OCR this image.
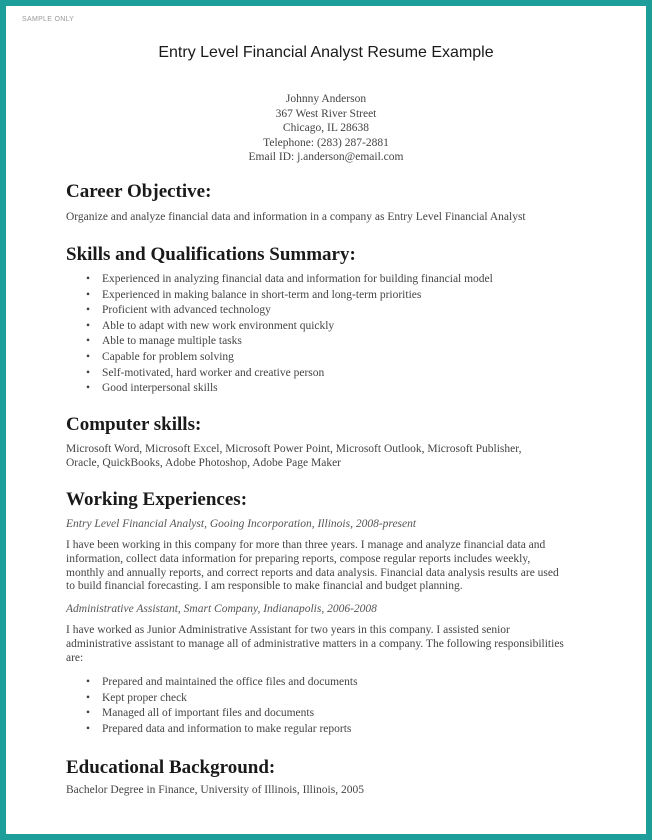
SAMPLE ONLY
Entry Level Financial Analyst Resume Example
Johnny Anderson
367 West River Street
Chicago, IL 28638
Telephone: (283) 287-2881
Email ID: j.anderson@email.com
Career Objective:
Organize and analyze financial data and information in a company as Entry Level Financial Analyst
Skills and Qualifications Summary:
• Experienced in analyzing financial data and information for building financial model
• Experienced in making balance in short-term and long-term priorities
• Proficient with advanced technology
• Able to adapt with new work environment quickly
• Able to manage multiple tasks
• Capable for problem solving
• Self-motivated, hard worker and creative person
• Good interpersonal skills
Computer skills:
Microsoft Word, Microsoft Excel, Microsoft Power Point, Microsoft Outlook, Microsoft Publisher,
Oracle, QuickBooks, Adobe Photoshop, Adobe Page Maker
Working Experiences:
Entry Level Financial Analyst, Gooing Incorporation, Illinois, 2008-present
I have been working in this company for more than three years. I manage and analyze financial data and information, collect data information for preparing reports, compose regular reports includes weekly, monthly and annually reports, and correct reports and data analysis. Financial data analysis results are used to build financial forecasting. I am responsible to make financial and budget planning.
Administrative Assistant, Smart Company, Indianapolis, 2006-2008
I have worked as Junior Administrative Assistant for two years in this company. I assisted senior administrative assistant to manage all of administrative matters in a company. The following responsibilities are:
• Prepared and maintained the office files and documents
• Kept proper check
• Managed all of important files and documents
• Prepared data and information to make regular reports
Educational Background:
Bachelor Degree in Finance, University of Illinois, Illinois, 2005
